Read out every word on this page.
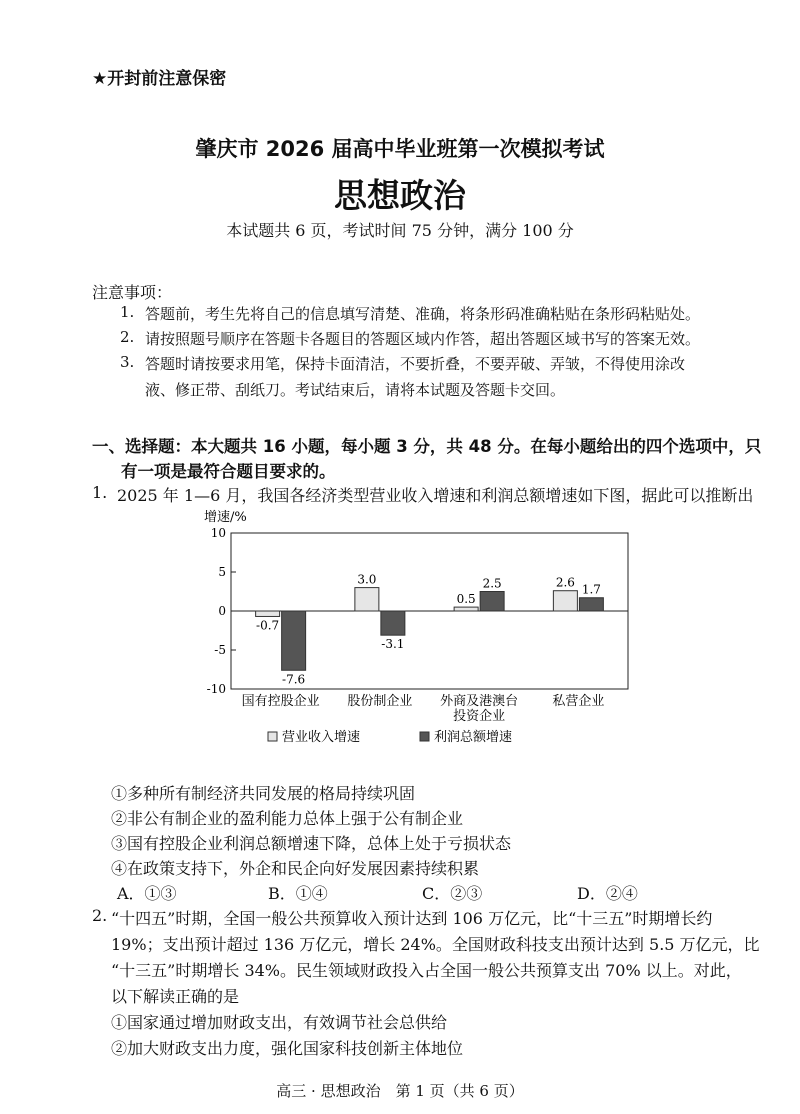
★开封前注意保密
肇庆市 2026 届高中毕业班第一次模拟考试
思想政治
本试题共 6 页，考试时间 75 分钟，满分 100 分
注意事项：
1. 答题前，考生先将自己的信息填写清楚、准确，将条形码准确粘贴在条形码粘贴处。
2. 请按照题号顺序在答题卡各题目的答题区域内作答，超出答题区域书写的答案无效。
3. 答题时请按要求用笔，保持卡面清洁，不要折叠，不要弄破、弄皱，不得使用涂改
液、修正带、刮纸刀。考试结束后，请将本试题及答题卡交回。
一、选择题：本大题共 16 小题，每小题 3 分，共 48 分。在每小题给出的四个选项中，只
有一项是最符合题目要求的。
1. 2025 年 1—6 月，我国各经济类型营业收入增速和利润总额增速如下图，据此可以推断出
增速/%
10
5
0
-5
-10
-0.7
-7.6
3.0
-3.1
0.5
2.5	2.6
1.7
国有控股企业 股份制企业 外商及港澳台
投资企业
私营企业
营业收入增速	利润总额增速
①多种所有制经济共同发展的格局持续巩固
②非公有制企业的盈利能力总体上强于公有制企业
③国有控股企业利润总额增速下降，总体上处于亏损状态
④在政策支持下，外企和民企向好发展因素持续积累
A．①③	B．①④	C．②③	D．②④
2. “十四五”时期，全国一般公共预算收入预计达到 106 万亿元，比“十三五”时期增长约
19%；支出预计超过 136 万亿元，增长 24%。全国财政科技支出预计达到 5.5 万亿元，比
“十三五”时期增长 34%。民生领域财政投入占全国一般公共预算支出 70% 以上。对此，
以下解读正确的是
①国家通过增加财政支出，有效调节社会总供给
②加大财政支出力度，强化国家科技创新主体地位
高三 · 思想政治　第 1 页（共 6 页）
